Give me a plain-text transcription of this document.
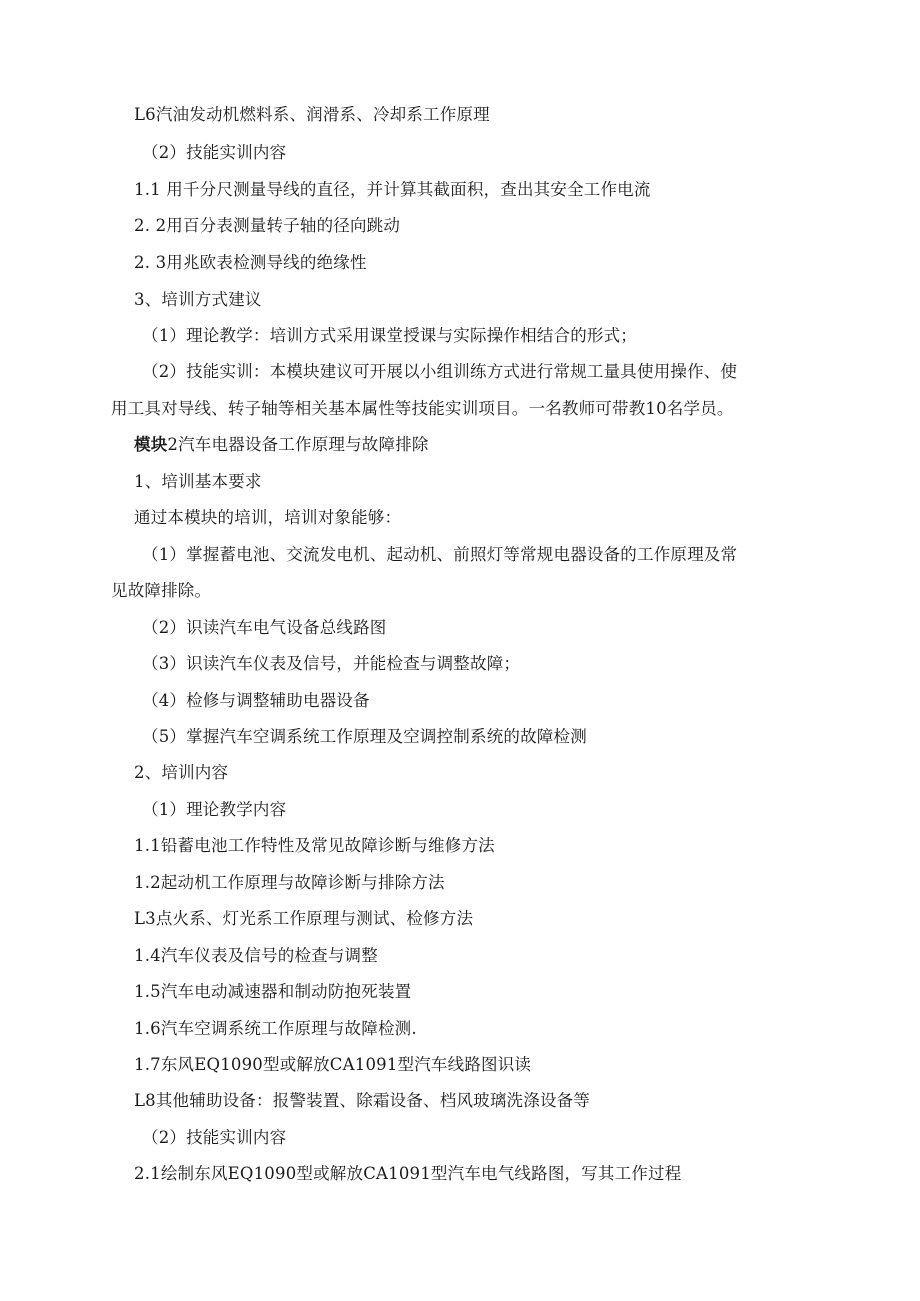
L6汽油发动机燃料系、润滑系、冷却系工作原理
（2）技能实训内容
1.1 用千分尺测量导线的直径，并计算其截面积，查出其安全工作电流
2. 2用百分表测量转子轴的径向跳动
2. 3用兆欧表检测导线的绝缘性
3、培训方式建议
（1）理论教学：培训方式采用课堂授课与实际操作相结合的形式；
（2）技能实训：本模块建议可开展以小组训练方式进行常规工量具使用操作、使
用工具对导线、转子轴等相关基本属性等技能实训项目。一名教师可带教10名学员。
模块2汽车电器设备工作原理与故障排除
1、培训基本要求
通过本模块的培训，培训对象能够：
（1）掌握蓄电池、交流发电机、起动机、前照灯等常规电器设备的工作原理及常
见故障排除。
（2）识读汽车电气设备总线路图
（3）识读汽车仪表及信号，并能检查与调整故障；
（4）检修与调整辅助电器设备
（5）掌握汽车空调系统工作原理及空调控制系统的故障检测
2、培训内容
（1）理论教学内容
1.1铅蓄电池工作特性及常见故障诊断与维修方法
1.2起动机工作原理与故障诊断与排除方法
L3点火系、灯光系工作原理与测试、检修方法
1.4汽车仪表及信号的检查与调整
1.5汽车电动减速器和制动防抱死装置
1.6汽车空调系统工作原理与故障检测.
1.7东风EQ1090型或解放CA1091型汽车线路图识读
L8其他辅助设备：报警装置、除霜设备、档风玻璃洗涤设备等
（2）技能实训内容
2.1绘制东风EQ1090型或解放CA1091型汽车电气线路图，写其工作过程
